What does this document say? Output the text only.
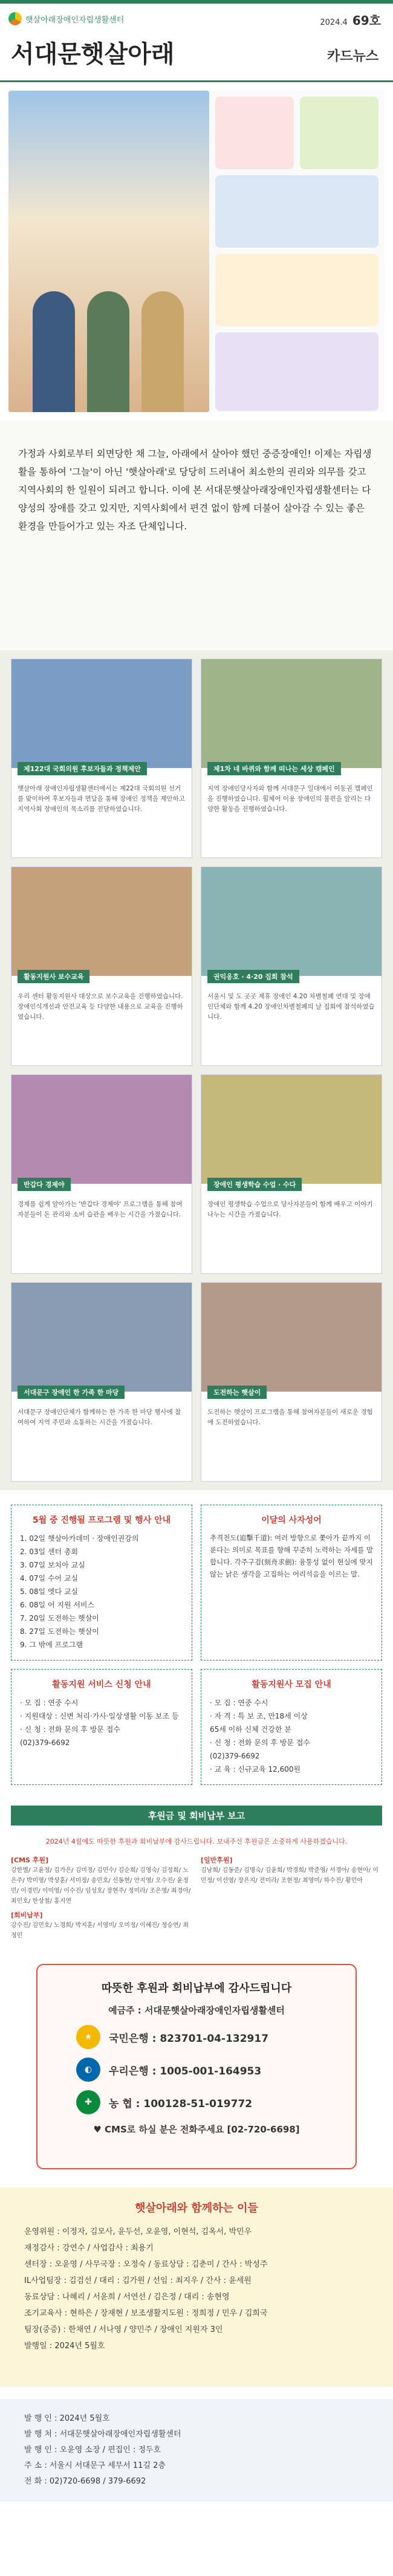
햇살아래장애인자립생활센터	2024.4 69호
서대문햇살아래	카드뉴스
가정과 사회로부터 외면당한 채 그늘, 아래에서 살아야 했던 중증장애인! 이제는 자립생활을 통하여 '그늘'이 아닌 '햇살아래'로 당당히 드러내어 최소한의 권리와 의무를 갖고 지역사회의 한 일원이 되려고 합니다. 이에 본 서대문햇살아래장애인자립생활센터는 다양성의 장애를 갖고 있지만, 지역사회에서 편견 없이 함께 더불어 살아갈 수 있는 좋은 환경을 만들어가고 있는 자조 단체입니다.
제122대 국회의원 후보자들과 정책제안
햇살아래 장애인자립생활센터에서는 제22대 국회의원 선거를 맞이하여 후보자들과 면담을 통해 장애인 정책을 제안하고 지역사회 장애인의 목소리를 전달하였습니다.
제1차 네 바퀴와 함께 떠나는 세상 캠페인
지역 장애인당사자와 함께 서대문구 일대에서 이동권 캠페인을 진행하였습니다. 휠체어 이용 장애인의 불편을 알리는 다양한 활동을 진행하였습니다.
활동지원사 보수교육
우리 센터 활동지원사 대상으로 보수교육을 진행하였습니다. 장애인식개선과 안전교육 등 다양한 내용으로 교육을 진행하였습니다.
권익옹호 · 4·20 집회 참석
서울시 및 도 곳곳 제휴 장애인 4.20 차별철폐 연대 및 장애인단체와 함께 4.20 장애인차별철폐의 날 집회에 참석하였습니다.
반갑다 경제야
경제를 쉽게 알아가는 '반갑다 경제야' 프로그램을 통해 참여자분들이 돈 관리와 소비 습관을 배우는 시간을 가졌습니다.
장애인 평생학습 수업 · 수다
장애인 평생학습 수업으로 당사자분들이 함께 배우고 이야기 나누는 시간을 가졌습니다.
서대문구 장애인 한 가족 한 마당
서대문구 장애인단체가 함께하는 한 가족 한 마당 행사에 참여하여 지역 주민과 소통하는 시간을 가졌습니다.
도전하는 햇살이
도전하는 햇살이 프로그램을 통해 참여자분들이 새로운 경험에 도전하였습니다.
5월 중 진행될 프로그램 및 행사 안내
1. 02일 햇살아카데미 · 장애인권강의
2. 03일 센터 총회
3. 07일 보치아 교실
4. 07일 수어 교실
5. 08일 엣다 교실
6. 08일 어 지원 서비스
7. 20일 도전하는 햇살이
8. 27일 도전하는 햇살이
9. 그 밖에 프로그램
이달의 사자성어

추격천도(追擊千道): 여러 방향으로 쫓아가 끝까지 이룬다는 의미로 목표를 향해 꾸준히 노력하는 자세를 말합니다. 각주구검(刻舟求劍): 융통성 없이 현실에 맞지 않는 낡은 생각을 고집하는 어리석음을 이르는 말.

활동지원 서비스 신청 안내
· 모 집 : 연중 수시
· 지원대상 : 신변 처리·가사·일상생활 이동 보조 등
· 신 청 : 전화 문의 후 방문 접수
(02)379-6692
활동지원사 모집 안내
· 모 집 : 연중 수시
· 자 격 : 특 보 조, 만18세 이상
65세 이하 신체 건강한 분
· 신 청 : 전화 문의 후 방문 접수
(02)379-6692
· 교 육 : 신규교육 12,600원
후원금 및 회비납부 보고
2024년 4월에도 따뜻한 후원과 회비납부에 감사드립니다. 보내주신 후원금은 소중하게 사용하겠습니다.
[CMS 후원]

강한별/ 고윤정/ 김가은/ 김미경/ 김민수/ 김순희/ 김영숙/ 김정희/ 노은주/ 박미영/ 박상훈/ 서미정/ 송민호/ 신동현/ 안지영/ 오수진/ 윤정민/ 이경민/ 이미영/ 이수진/ 임성호/ 장현주/ 정미라/ 조은영/ 최경아/ 최민호/ 한상철/ 홍지연

[회비납부]

강수진/ 김민호/ 노경희/ 박지훈/ 서영미/ 오미정/ 이혜진/ 정승연/ 최정민

[일반후원]

김남희/ 김동준/ 김명숙/ 김윤희/ 박경희/ 박준영/ 서경아/ 송현아/ 이민정/ 이선영/ 장은지/ 전미라/ 조현정/ 최영미/ 하수진/ 황민아

따뜻한 후원과 회비납부에 감사드립니다
예금주 : 서대문햇살아래장애인자립생활센터
★	국민은행 : 823701-04-132917
◐	우리은행 : 1005-001-164953
✚	농 협 : 100128-51-019772
♥ CMS로 하실 분은 전화주세요 [02-720-6698]
햇살아래와 함께하는 이들

운영위원 : 이정자, 김모사, 윤두선, 오윤영, 이현석, 김옥서, 박민우

재정감사 : 강연수 / 사업감사 : 최용기

센터장 : 오윤영 / 사무국장 : 오정숙 / 동료상담 : 김춘미 / 간사 : 박성주

IL사업팀장 : 김검선 / 대리 : 김가원 / 선임 : 최지우 / 간사 : 윤세원

동료상담 : 나혜리 / 서윤희 / 서연선 / 김은정 / 대리 : 송현영

조기교육사 : 현하은 / 장재현 / 보조생활지도원 : 정희정 / 민우 / 김희국

팀장(중증) : 한채연 / 서나영 / 양민주 / 장애인 지원자 3인

발행일 : 2024년 5월호

발 행 인 : 2024년 5월호

발 행 처 : 서대문햇살아래장애인자립생활센터

발 행 인 : 오윤영 소장 / 편집인 : 정두호

주 소 : 서울시 서대문구 세무서 11길 2층

전 화 : 02)720-6698 / 379-6692
